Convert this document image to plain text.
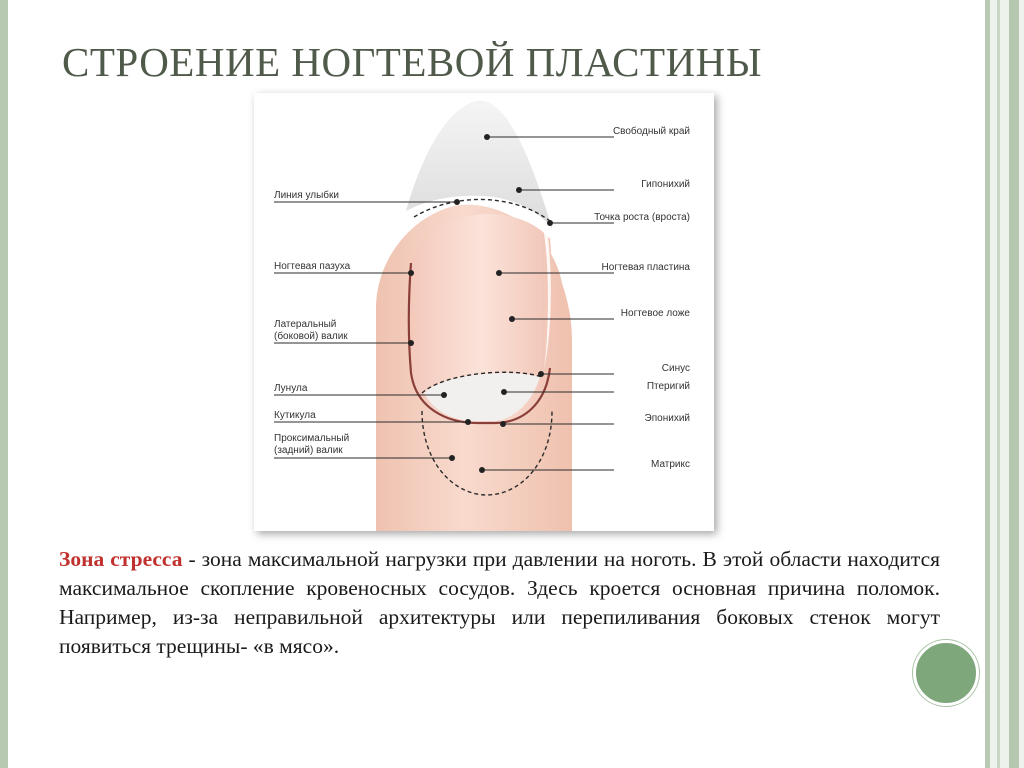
СТРОЕНИЕ НОГТЕВОЙ ПЛАСТИНЫ
Свободный край
Гипонихий
Точка роста (вроста)
Ногтевая пластина
Ногтевое ложе
Синус
Птеригий
Эпонихий
Матрикс
Линия улыбки
Ногтевая пазуха
Латеральный
(боковой) валик
Лунула
Кутикула
Проксимальный
(задний) валик

Зона стресса - зона максимальной нагрузки при давлении на ноготь. В этой области находится максимальное скопление кровеносных сосудов. Здесь кроется основная причина поломок. Например, из-за неправильной архитектуры или перепиливания боковых стенок могут появиться трещины- «в мясо».
